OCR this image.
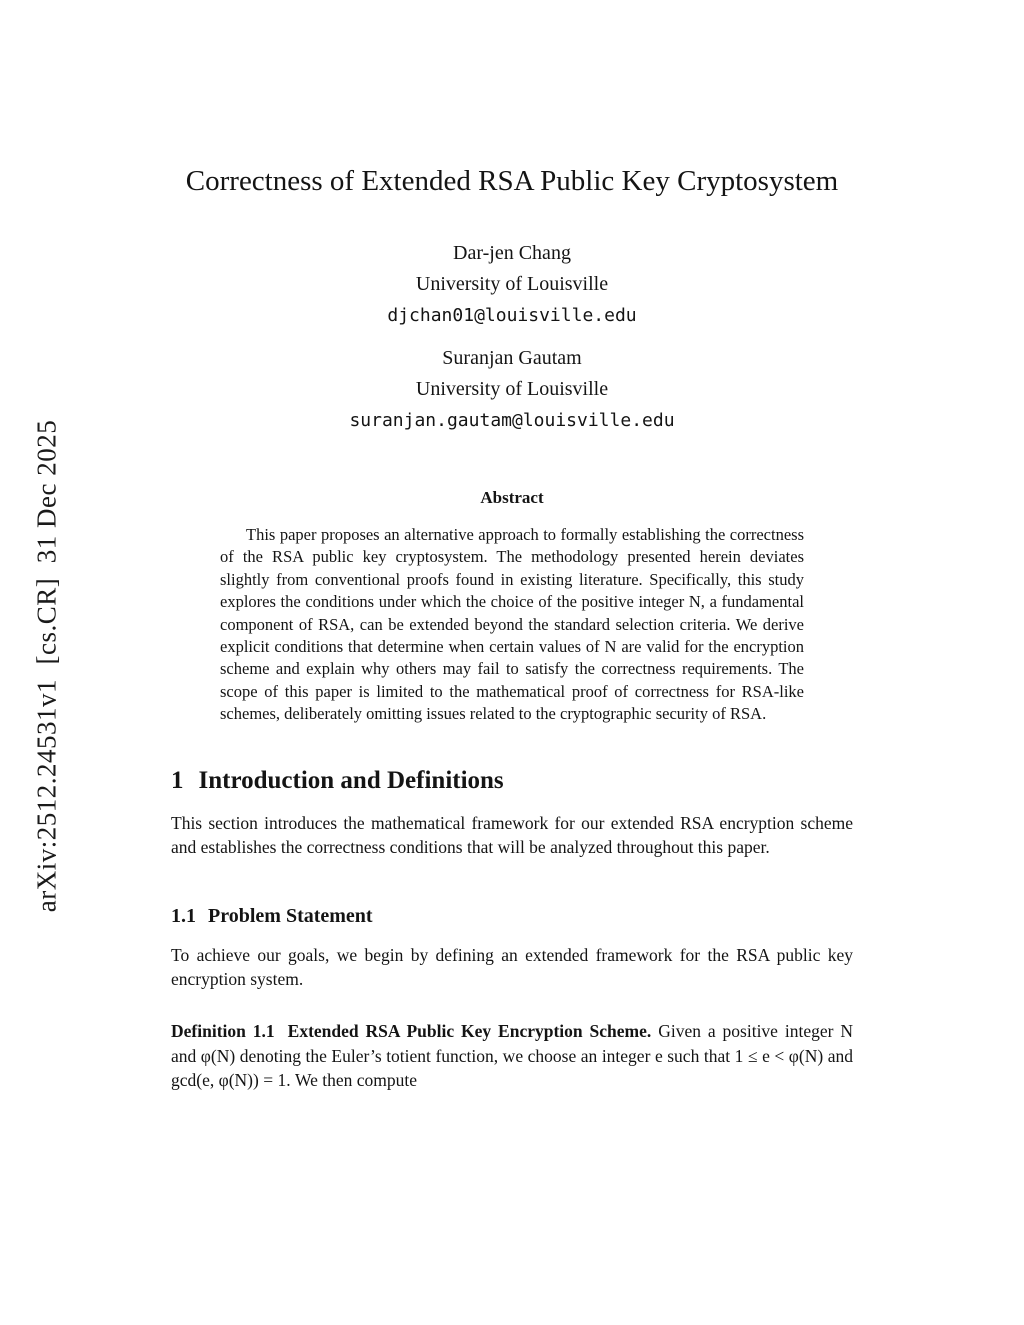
arXiv:2512.24531v1  [cs.CR]  31 Dec 2025
Correctness of Extended RSA Public Key Cryptosystem
Dar-jen Chang
University of Louisville
djchan01@louisville.edu
Suranjan Gautam
University of Louisville
suranjan.gautam@louisville.edu
Abstract

This paper proposes an alternative approach to formally establishing the correctness of the RSA public key cryptosystem. The methodology presented herein deviates slightly from conventional proofs found in existing literature. Specifically, this study explores the conditions under which the choice of the positive integer N, a fundamental component of RSA, can be extended beyond the standard selection criteria. We derive explicit conditions that determine when certain values of N are valid for the encryption scheme and explain why others may fail to satisfy the correctness requirements. The scope of this paper is limited to the mathematical proof of correctness for RSA-like schemes, deliberately omitting issues related to the cryptographic security of RSA.

1 Introduction and Definitions

This section introduces the mathematical framework for our extended RSA encryption scheme and establishes the correctness conditions that will be analyzed throughout this paper.

1.1 Problem Statement

To achieve our goals, we begin by defining an extended framework for the RSA public key encryption system.

Definition 1.1 Extended RSA Public Key Encryption Scheme. Given a positive integer N and φ(N) denoting the Euler’s totient function, we choose an integer e such that 1 ≤ e < φ(N) and gcd(e, φ(N)) = 1. We then compute
